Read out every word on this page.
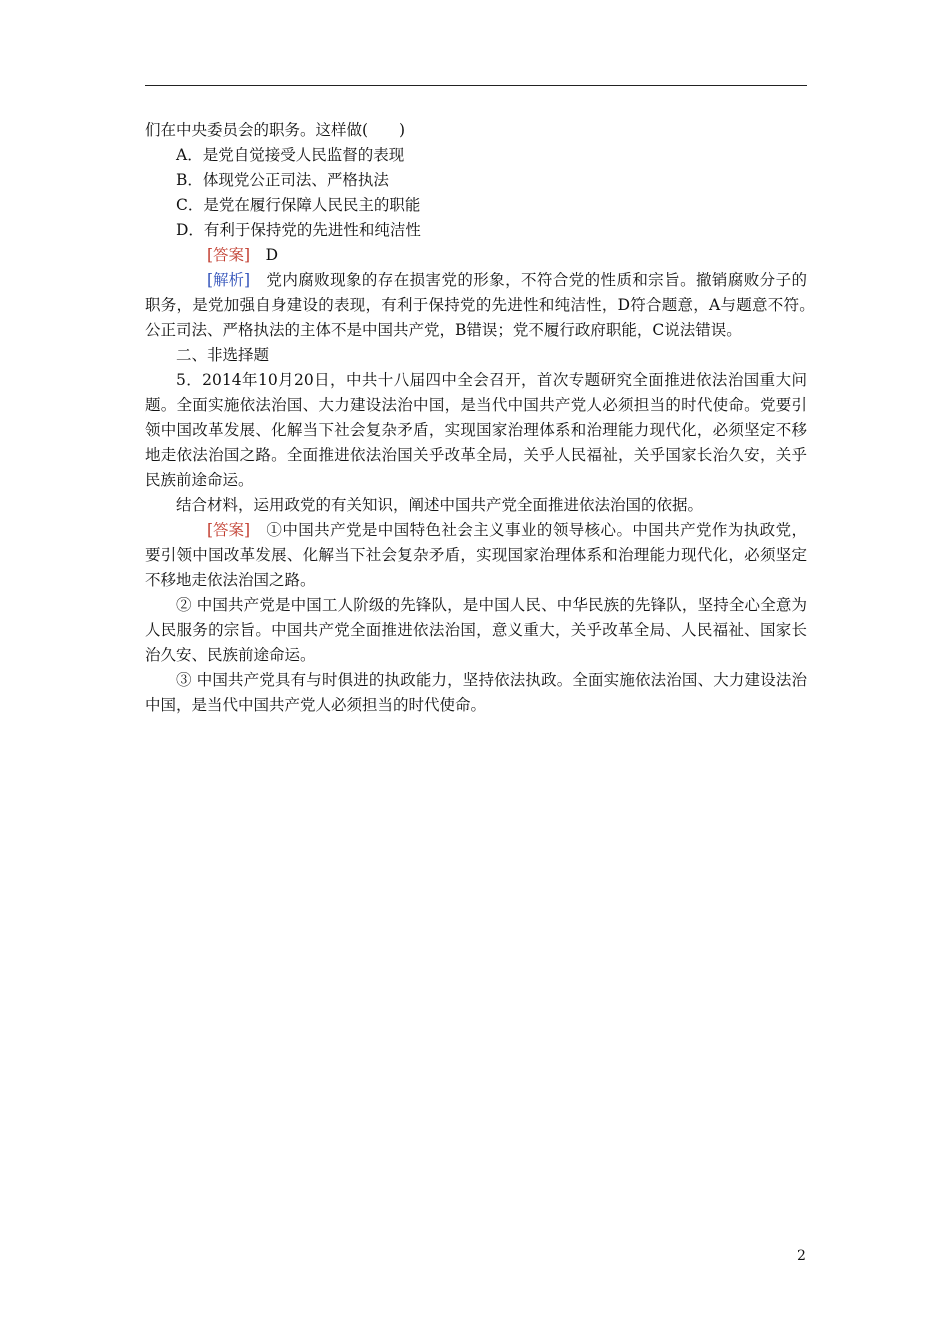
们在中央委员会的职务。这样做(　　)

A．是党自觉接受人民监督的表现

B．体现党公正司法、严格执法

C．是党在履行保障人民民主的职能

D．有利于保持党的先进性和纯洁性

[答案]　D

[解析]　党内腐败现象的存在损害党的形象，不符合党的性质和宗旨。撤销腐败分子的职务，是党加强自身建设的表现，有利于保持党的先进性和纯洁性，D符合题意，A与题意不符。　公正司法、严格执法的主体不是中国共产党，B错误；党不履行政府职能，C说法错误。

二、非选择题

5．2014年10月20日，中共十八届四中全会召开，首次专题研究全面推进依法治国重大问题。全面实施依法治国、大力建设法治中国，是当代中国共产党人必须担当的时代使命。党要引领中国改革发展、化解当下社会复杂矛盾，实现国家治理体系和治理能力现代化，必须坚定不移地走依法治国之路。全面推进依法治国关乎改革全局，关乎人民福祉，关乎国家长治久安，关乎民族前途命运。

结合材料，运用政党的有关知识，阐述中国共产党全面推进依法治国的依据。

[答案]　①中国共产党是中国特色社会主义事业的领导核心。中国共产党作为执政党，要引领中国改革发展、化解当下社会复杂矛盾，实现国家治理体系和治理能力现代化，必须坚定不移地走依法治国之路。

② 中国共产党是中国工人阶级的先锋队，是中国人民、中华民族的先锋队，坚持全心全意为人民服务的宗旨。中国共产党全面推进依法治国，意义重大，关乎改革全局、人民福祉、国家长治久安、民族前途命运。

③ 中国共产党具有与时俱进的执政能力，坚持依法执政。全面实施依法治国、大力建设法治中国，是当代中国共产党人必须担当的时代使命。

2
